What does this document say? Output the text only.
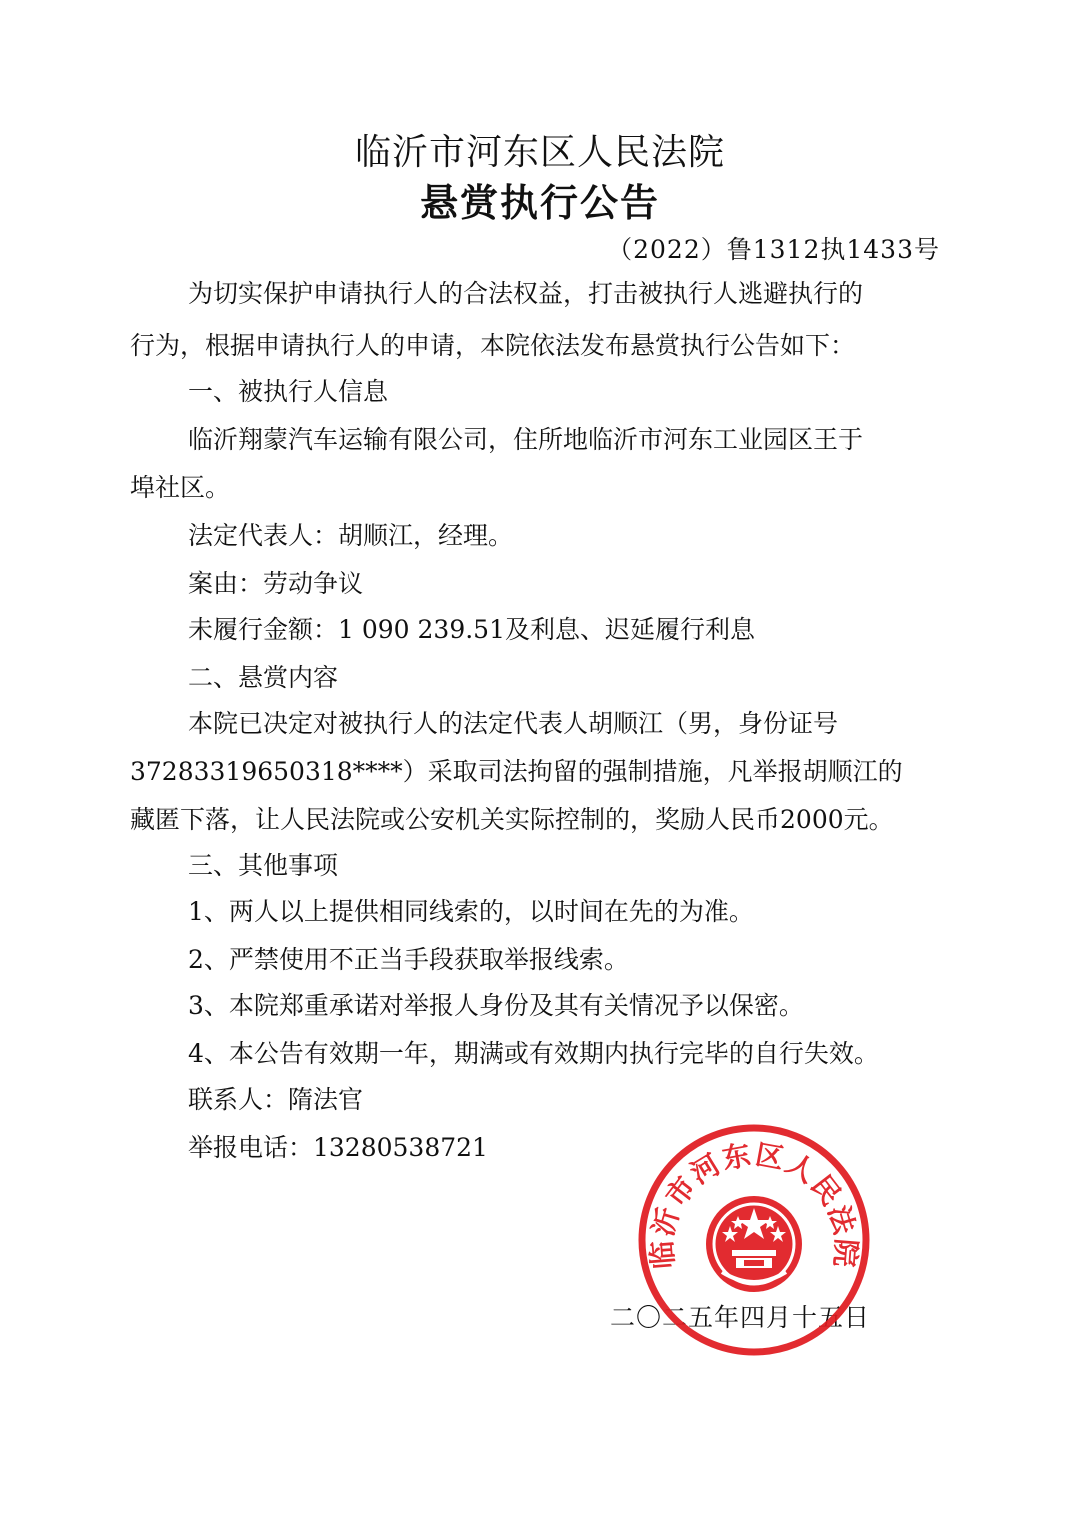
临沂市河东区人民法院
悬赏执行公告
（2022）鲁1312执1433号
为切实保护申请执行人的合法权益，打击被执行人逃避执行的
行为，根据申请执行人的申请，本院依法发布悬赏执行公告如下：
一、被执行人信息
临沂翔蒙汽车运输有限公司，住所地临沂市河东工业园区王于
埠社区。
法定代表人：胡顺江，经理。
案由：劳动争议
未履行金额：1 090 239.51及利息、迟延履行利息
二、悬赏内容
本院已决定对被执行人的法定代表人胡顺江（男，身份证号
37283319650318****）采取司法拘留的强制措施，凡举报胡顺江的
藏匿下落，让人民法院或公安机关实际控制的，奖励人民币2000元。
三、其他事项
1、两人以上提供相同线索的，以时间在先的为准。
2、严禁使用不正当手段获取举报线索。
3、本院郑重承诺对举报人身份及其有关情况予以保密。
4、本公告有效期一年，期满或有效期内执行完毕的自行失效。
联系人：隋法官
举报电话：13280538721
二〇二五年四月十五日
临沂市河东区人民法院
